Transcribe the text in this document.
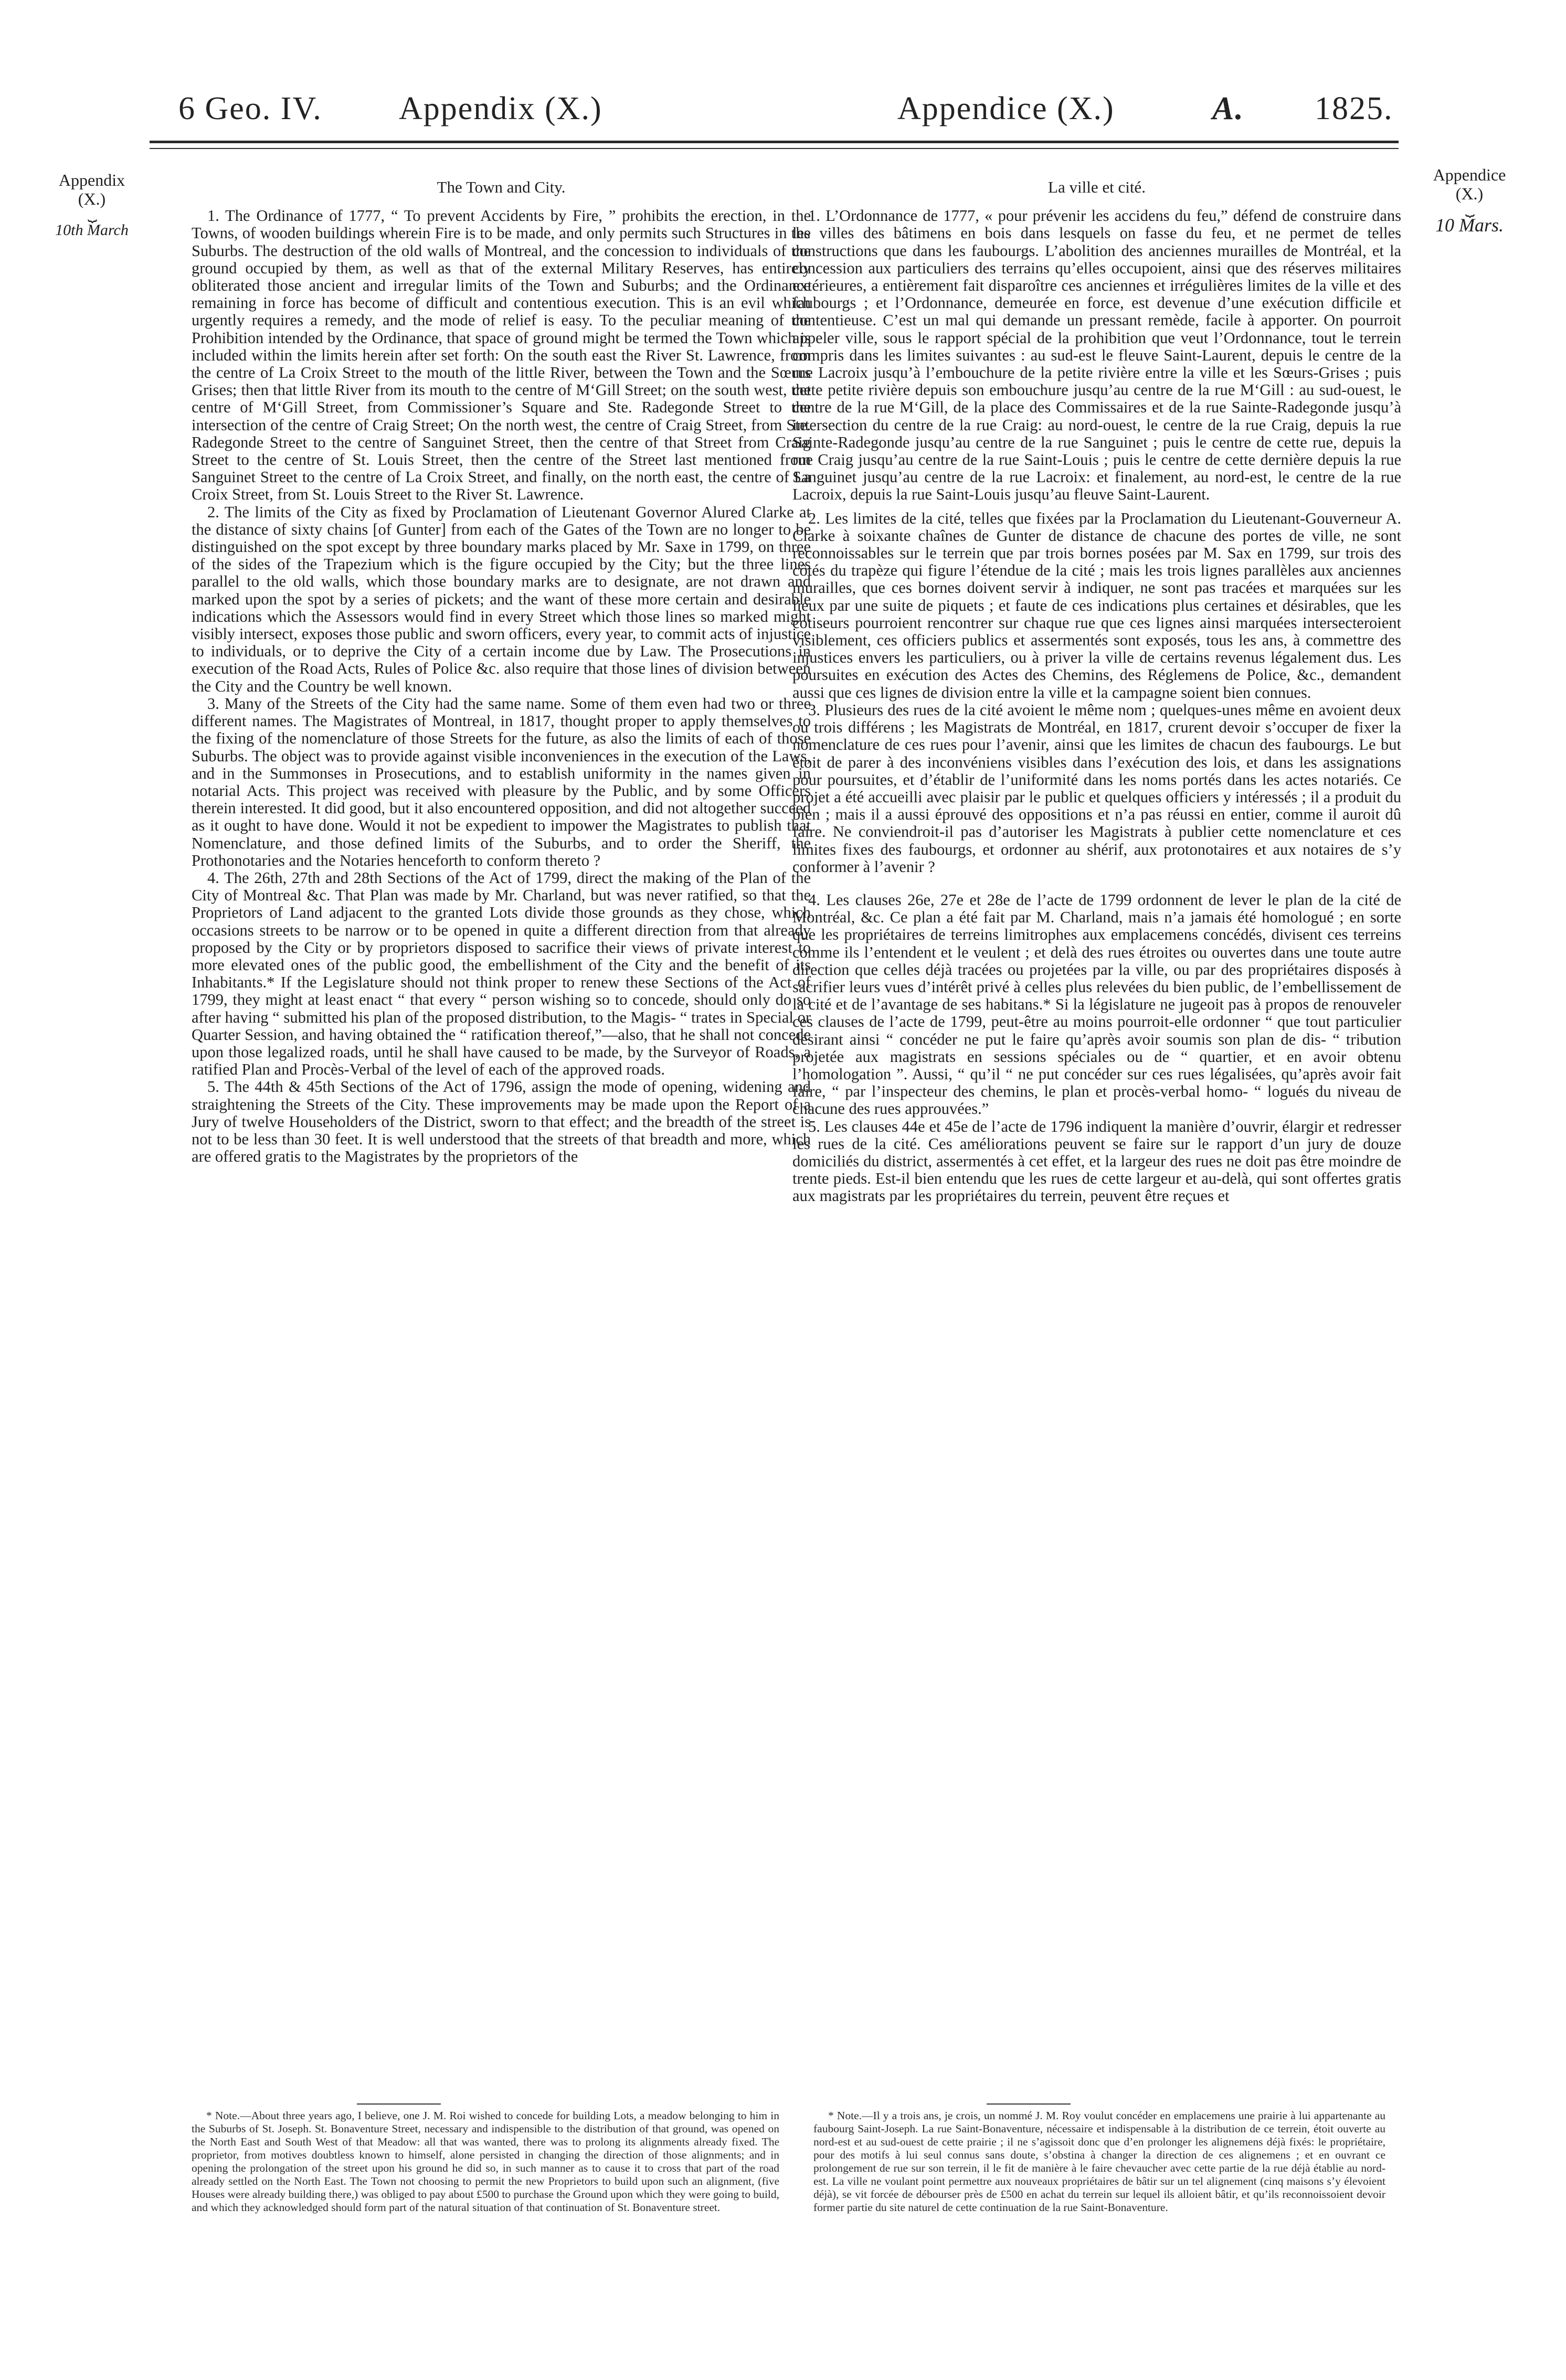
6 Geo. IV. Appendix (X.)	Appendice (X.)	A. 1825.
Appendix
(X.)
⏟
10th March
Appendice
(X.)
⏟
10 Mars.
The Town and City.

1. The Ordinance of 1777, “ To prevent Accidents by Fire, ” prohibits the erection, in the Towns, of wooden buildings wherein Fire is to be made, and only permits such Structures in the Suburbs. The destruction of the old walls of Montreal, and the concession to individuals of the ground occupied by them, as well as that of the external Military Reserves, has entirely obliterated those ancient and irregular limits of the Town and Suburbs; and the Ordinance remaining in force has become of difficult and contentious execution. This is an evil which urgently requires a remedy, and the mode of relief is easy. To the peculiar meaning of the Prohibition intended by the Ordinance, that space of ground might be termed the Town which is included within the limits herein after set forth: On the south east the River St. Lawrence, from the centre of La Croix Street to the mouth of the little River, between the Town and the Sœurs Grises; then that little River from its mouth to the centre of M‘Gill Street; on the south west, the centre of M‘Gill Street, from Commissioner’s Square and Ste. Radegonde Street to the intersection of the centre of Craig Street; On the north west, the centre of Craig Street, from Ste. Radegonde Street to the centre of Sanguinet Street, then the centre of that Street from Craig Street to the centre of St. Louis Street, then the centre of the Street last mentioned from Sanguinet Street to the centre of La Croix Street, and finally, on the north east, the centre of La Croix Street, from St. Louis Street to the River St. Lawrence.

2. The limits of the City as fixed by Proclamation of Lieutenant Governor Alured Clarke at the distance of sixty chains [of Gunter] from each of the Gates of the Town are no longer to be distinguished on the spot except by three boundary marks placed by Mr. Saxe in 1799, on three of the sides of the Trapezium which is the figure occupied by the City; but the three lines parallel to the old walls, which those boundary marks are to designate, are not drawn and marked upon the spot by a series of pickets; and the want of these more certain and desirable indications which the Assessors would find in every Street which those lines so marked might visibly intersect, exposes those public and sworn officers, every year, to commit acts of injustice to individuals, or to deprive the City of a certain income due by Law. The Prosecutions in execution of the Road Acts, Rules of Police &c. also require that those lines of division between the City and the Country be well known.

3. Many of the Streets of the City had the same name. Some of them even had two or three different names. The Magistrates of Montreal, in 1817, thought proper to apply themselves to the fixing of the nomenclature of those Streets for the future, as also the limits of each of those Suburbs. The object was to provide against visible inconveniences in the execution of the Laws, and in the Summonses in Prosecutions, and to establish uniformity in the names given in notarial Acts. This project was received with pleasure by the Public, and by some Officers therein interested. It did good, but it also encountered opposition, and did not altogether succeed as it ought to have done. Would it not be expedient to impower the Magistrates to publish that Nomenclature, and those defined limits of the Suburbs, and to order the Sheriff, the Prothonotaries and the Notaries henceforth to conform thereto ?

4. The 26th, 27th and 28th Sections of the Act of 1799, direct the making of the Plan of the City of Montreal &c. That Plan was made by Mr. Charland, but was never ratified, so that the Proprietors of Land adjacent to the granted Lots divide those grounds as they chose, which occasions streets to be narrow or to be opened in quite a different direction from that already proposed by the City or by proprietors disposed to sacrifice their views of private interest to more elevated ones of the public good, the embellishment of the City and the benefit of its Inhabitants.* If the Legislature should not think proper to renew these Sections of the Act of 1799, they might at least enact “ that every “ person wishing so to concede, should only do so after having “ submitted his plan of the proposed distribution, to the Magis- “ trates in Special or Quarter Session, and having obtained the “ ratification thereof,”—also, that he shall not concede upon those legalized roads, until he shall have caused to be made, by the Surveyor of Roads, a ratified Plan and Procès-Verbal of the level of each of the approved roads.

5. The 44th & 45th Sections of the Act of 1796, assign the mode of opening, widening and straightening the Streets of the City. These improvements may be made upon the Report of a Jury of twelve Householders of the District, sworn to that effect; and the breadth of the street is not to be less than 30 feet. It is well understood that the streets of that breadth and more, which are offered gratis to the Magistrates by the proprietors of the

La ville et cité.

1. L’Ordonnance de 1777, « pour prévenir les accidens du feu,” défend de construire dans les villes des bâtimens en bois dans lesquels on fasse du feu, et ne permet de telles constructions que dans les faubourgs. L’abolition des anciennes murailles de Montréal, et la concession aux particuliers des terrains qu’elles occupoient, ainsi que des réserves militaires extérieures, a entièrement fait disparoître ces anciennes et irrégulières limites de la ville et des faubourgs ; et l’Ordonnance, demeurée en force, est devenue d’une exécution difficile et contentieuse. C’est un mal qui demande un pressant remède, facile à apporter. On pourroit appeler ville, sous le rapport spécial de la prohibition que veut l’Ordonnance, tout le terrein compris dans les limites suivantes : au sud-est le fleuve Saint-Laurent, depuis le centre de la rue Lacroix jusqu’à l’embouchure de la petite rivière entre la ville et les Sœurs-Grises ; puis cette petite rivière depuis son embouchure jusqu’au centre de la rue M‘Gill : au sud-ouest, le centre de la rue M‘Gill, de la place des Commissaires et de la rue Sainte-Radegonde jusqu’à intersection du centre de la rue Craig: au nord-ouest, le centre de la rue Craig, depuis la rue Sainte-Radegonde jusqu’au centre de la rue Sanguinet ; puis le centre de cette rue, depuis la rue Craig jusqu’au centre de la rue Saint-Louis ; puis le centre de cette dernière depuis la rue Sanguinet jusqu’au centre de la rue Lacroix: et finalement, au nord-est, le centre de la rue Lacroix, depuis la rue Saint-Louis jusqu’au fleuve Saint-Laurent.

2. Les limites de la cité, telles que fixées par la Proclamation du Lieutenant-Gouverneur A. Clarke à soixante chaînes de Gunter de distance de chacune des portes de ville, ne sont reconnoissables sur le terrein que par trois bornes posées par M. Sax en 1799, sur trois des côtés du trapèze qui figure l’étendue de la cité ; mais les trois lignes parallèles aux anciennes murailles, que ces bornes doivent servir à indiquer, ne sont pas tracées et marquées sur les lieux par une suite de piquets ; et faute de ces indications plus certaines et désirables, que les cotiseurs pourroient rencontrer sur chaque rue que ces lignes ainsi marquées intersecteroient visiblement, ces officiers publics et assermentés sont exposés, tous les ans, à commettre des injustices envers les particuliers, ou à priver la ville de certains revenus légalement dus. Les poursuites en exécution des Actes des Chemins, des Réglemens de Police, &c., demandent aussi que ces lignes de division entre la ville et la campagne soient bien connues.

3. Plusieurs des rues de la cité avoient le même nom ; quelques-unes même en avoient deux ou trois différens ; les Magistrats de Montréal, en 1817, crurent devoir s’occuper de fixer la nomenclature de ces rues pour l’avenir, ainsi que les limites de chacun des faubourgs. Le but étoit de parer à des inconvéniens visibles dans l’exécution des lois, et dans les assignations pour poursuites, et d’établir de l’uniformité dans les noms portés dans les actes notariés. Ce projet a été accueilli avec plaisir par le public et quelques officiers y intéressés ; il a produit du bien ; mais il a aussi éprouvé des oppositions et n’a pas réussi en entier, comme il auroit dû faire. Ne conviendroit-il pas d’autoriser les Magistrats à publier cette nomenclature et ces limites fixes des faubourgs, et ordonner au shérif, aux protonotaires et aux notaires de s’y conformer à l’avenir ?

4. Les clauses 26e, 27e et 28e de l’acte de 1799 ordonnent de lever le plan de la cité de Montréal, &c. Ce plan a été fait par M. Charland, mais n’a jamais été homologué ; en sorte que les propriétaires de terreins limitrophes aux emplacemens concédés, divisent ces terreins comme ils l’entendent et le veulent ; et delà des rues étroites ou ouvertes dans une toute autre direction que celles déjà tracées ou projetées par la ville, ou par des propriétaires disposés à sacrifier leurs vues d’intérêt privé à celles plus relevées du bien public, de l’embellissement de la cité et de l’avantage de ses habitans.* Si la législature ne jugeoit pas à propos de renouveler ces clauses de l’acte de 1799, peut-être au moins pourroit-elle ordonner “ que tout particulier désirant ainsi “ concéder ne put le faire qu’après avoir soumis son plan de dis- “ tribution projetée aux magistrats en sessions spéciales ou de “ quartier, et en avoir obtenu l’homologation ”. Aussi, “ qu’il “ ne put concéder sur ces rues légalisées, qu’après avoir fait faire, “ par l’inspecteur des chemins, le plan et procès-verbal homo- “ logués du niveau de chacune des rues approuvées.”

5. Les clauses 44e et 45e de l’acte de 1796 indiquent la manière d’ouvrir, élargir et redresser les rues de la cité. Ces améliorations peuvent se faire sur le rapport d’un jury de douze domiciliés du district, assermentés à cet effet, et la largeur des rues ne doit pas être moindre de trente pieds. Est-il bien entendu que les rues de cette largeur et au-delà, qui sont offertes gratis aux magistrats par les propriétaires du terrein, peuvent être reçues et

* Note.—About three years ago, I believe, one J. M. Roi wished to concede for building Lots, a meadow belonging to him in the Suburbs of St. Joseph. St. Bonaventure Street, necessary and indispensible to the distribution of that ground, was opened on the North East and South West of that Meadow: all that was wanted, there was to prolong its alignments already fixed. The proprietor, from motives doubtless known to himself, alone persisted in changing the direction of those alignments; and in opening the prolongation of the street upon his ground he did so, in such manner as to cause it to cross that part of the road already settled on the North East. The Town not choosing to permit the new Proprietors to build upon such an alignment, (five Houses were already building there,) was obliged to pay about £500 to purchase the Ground upon which they were going to build, and which they acknowledged should form part of the natural situation of that continuation of St. Bonaventure street.

* Note.—Il y a trois ans, je crois, un nommé J. M. Roy voulut concéder en emplacemens une prairie à lui appartenante au faubourg Saint-Joseph. La rue Saint-Bonaventure, nécessaire et indispensable à la distribution de ce terrein, étoit ouverte au nord-est et au sud-ouest de cette prairie ; il ne s’agissoit donc que d’en prolonger les alignemens déjà fixés: le propriétaire, pour des motifs à lui seul connus sans doute, s’obstina à changer la direction de ces alignemens ; et en ouvrant ce prolongement de rue sur son terrein, il le fit de manière à le faire chevaucher avec cette partie de la rue déjà établie au nord-est. La ville ne voulant point permettre aux nouveaux propriétaires de bâtir sur un tel alignement (cinq maisons s’y élevoient déjà), se vit forcée de débourser près de £500 en achat du terrein sur lequel ils alloient bâtir, et qu’ils reconnoissoient devoir former partie du site naturel de cette continuation de la rue Saint-Bonaventure.
